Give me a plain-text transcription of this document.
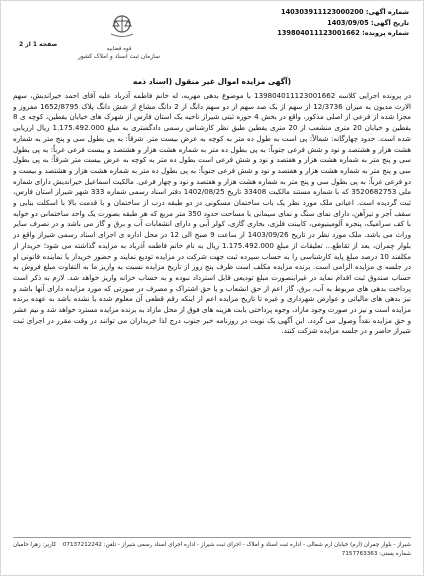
شماره آگهی: 140303911123000200
تاریخ آگهی: 1403/09/05
شماره پرونده: 139804011123001662
قوه قضاییه
سازمان ثبت اسناد و املاک کشور
صفحه 1 از 2
(آگهی مزایده اموال غیر منقول (اسناد ذمه
در پرونده اجرایی کلاسه 139804011123001662 با موضوع بدهی مهریه، له خانم فاطمه آذرباد علیه آقای احمد خیراندیش، سهم الارث مدیون به میزان 12/3736 از سهم از یک صد سهم از دو سهم دانگ از 2 دانگ مشاع از شش دانگ پلاک 1652/8795 مفروز و مجزا شده از فرعی از اصلی مذکور، واقع در بخش 4 حوزه ثبتی شیراز ناحیه یک استان فارس از شهرک های خیابان یقطین، کوچه ی 8 یقطین و خیابان 20 متری منشعب از 20 متری یقطین طبق نظر کارشناس رسمی دادگستری به مبلغ 1.175.492.000 ریال ارزیابی شده است. حدود چهارگانه: شمالاً: پی است به طول ده متر به کوچه به عرض بیست متر. شرقاً: به پی بطول سی و پنج متر به شماره هشت هزار و هشتصد و نود و شش فرعی جنوباً: به پی بطول ده متر به شماره هشت هزار و هشتصد و بیست فرعی غرباً: به پی بطول سی و پنج متر به شماره هشت هزار و هفتصد و نود و شش فرعی است بطول ده متر به کوچه به عرض بیست متر شرقاً: به پی بطول سی و پنج متر به شماره هشت هزار و هفتصد و نود و شش فرعی جنوباً: به پی بطول ده متر به شماره هشت هزار و هشتصد و بیست و دو فرعی غرباً: به پی بطول سی و پنج متر به شماره هشت هزار و هفتصد و نود و چهار فرعی. مالکیت اسماعیل خیراندیش دارای شماره ملی 3520682753 که با شماره مستند مالکیت 33408 تاریخ 1402/08/25 دفتر اسناد رسمی شماره 333 شهر شیراز استان فارس، ثبت گردیده است. اعیانی ملک مورد نظر یک باب ساختمان مسکونی در دو طبقه درب از ساختمان و با قدمت بالا با اسکلت بنایی و سقف آجر و تیرآهن، دارای نمای سنگ و نمای سیمانی با مساحت حدود 350 متر مربع که هر طبقه بصورت یک واحد ساختمانی دو خوابه با کف سرامیک، پنجره آلومینیومی، کابینت فلزی، بخاری گازی، کولر آبی و دارای انشعابات آب و برق و گاز می باشد و در تصرف سایر وراث می باشد. ملک مورد نظر در تاریخ 1403/09/26 از ساعت 9 صبح الی 12 در محل اداره ی اجرای اسناد رسمی شیراز واقع در بلوار چمران، بعد از تقاطع... تعلیقات از مبلغ 1.175.492.000 ریال به نام خانم فاطمه آذرباد به مزایده گذاشته می شود؛ خریدار از مکلفند 10 درصد مبلغ پایه کارشناسی را به حساب سپرده ثبت جهت شرکت در مزایده تودیع نمایند و حضور خریدار یا نماینده قانونی او در جلسه ی مزایده الزامی است. برنده مزایده مکلف است ظرف پنج روز از تاریخ مزایده نسبت به واریز ما به التفاوت مبلغ فروش به حساب صندوق ثبت اقدام نماید در غیراینصورت مبلغ تودیعی قابل استرداد نبوده و به حساب خزانه واریز خواهد شد. لازم به ذکر است پرداخت بدهی های مربوط به آب، برق، گاز اعم از حق انشعاب و یا حق اشتراک و مصرف در صورتی که مورد مزایده دارای آنها باشد و نیز بدهی های مالیاتی و عوارض شهرداری و غیره تا تاریخ مزایده اعم از اینکه رقم قطعی آن معلوم شده یا نشده باشد به عهده برنده مزایده است و نیز در صورت وجود مازاد، وجوه پرداختی بابت هزینه های فوق از محل مازاد به برنده مزایده مسترد خواهد شد و نیم عشر و حق مزایده نقداً وصول می گردد. این آگهی یک نوبت در روزنامه خبر جنوب درج لذا خریداران می توانند در وقت مقرر در اجرای ثبت شیراز حاضر و در جلسه مزایده شرکت کنند.
شیراز - بلوار چمران (ارم) خیابان ارم شمالی - اداره ثبت اسناد و املاک - اجرای ثبت شیراز - اداره اجرای اسناد رسمی شیراز - تلفن: 07137212242
کاربر: زهرا حامیان
شماره پستی: 7157763363
